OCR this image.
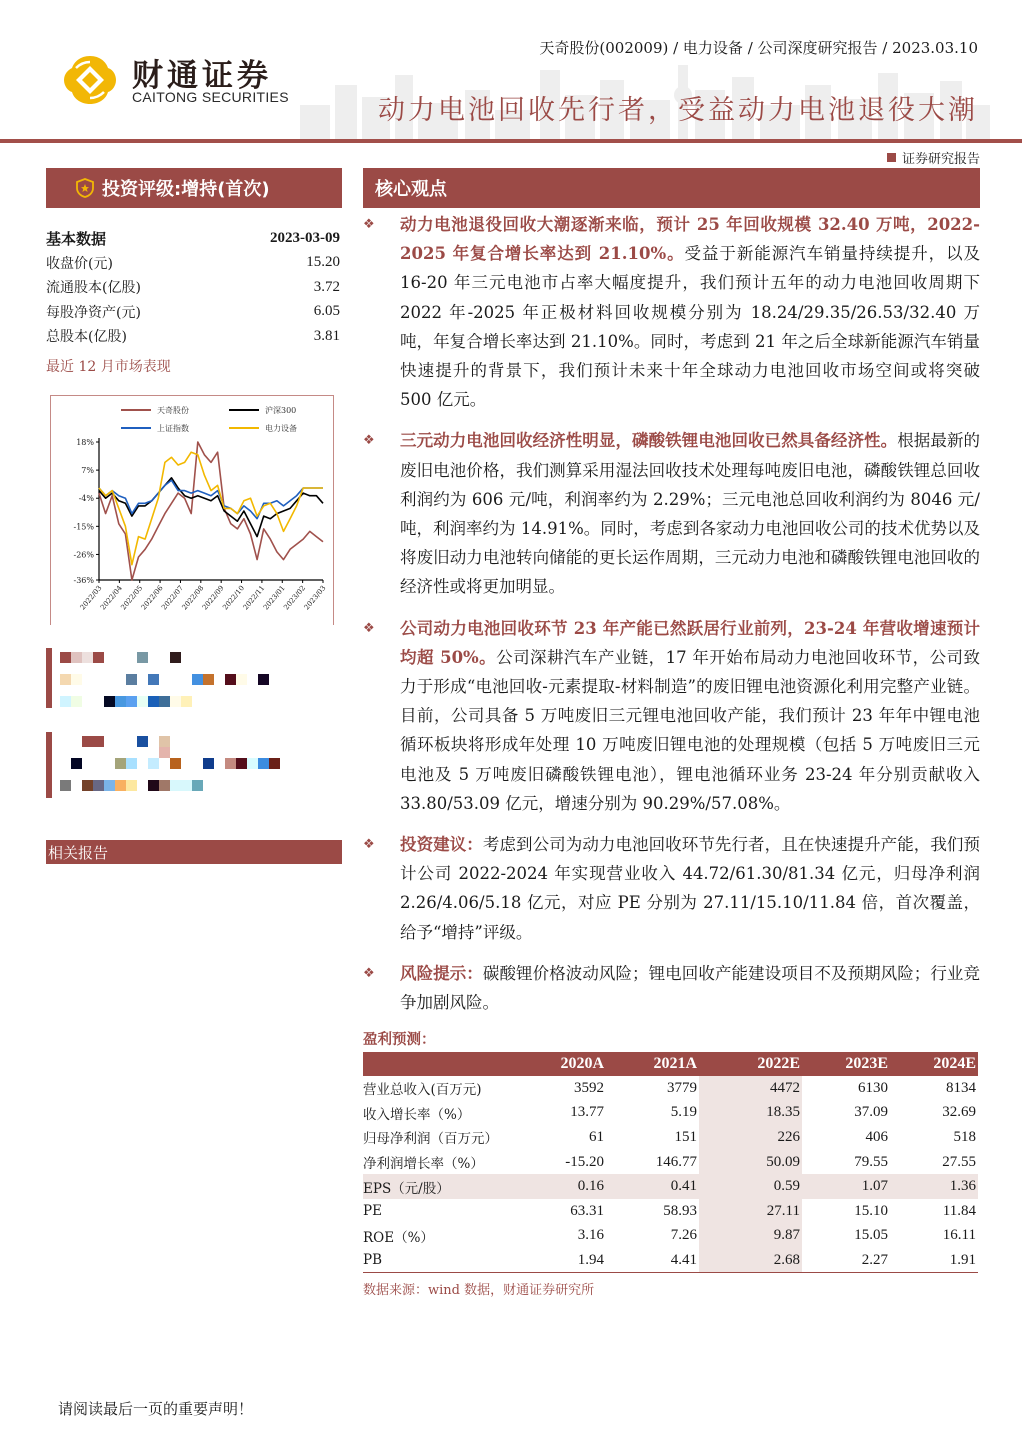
财通证券
CAITONG SECURITIES
天奇股份(002009) / 电力设备 / 公司深度研究报告 / 2023.03.10
动力电池回收先行者，受益动力电池退役大潮
证券研究报告
投资评级:增持(首次)
基本数据	2023-03-09
收盘价(元)	15.20
流通股本(亿股)	3.72
每股净资产(元)	6.05
总股本(亿股)	3.81
最近 12 月市场表现
天奇股份	沪深300
上证指数	电力设备
18%
7%
-4%
-15%
-26%
-36%
2022/03
2022/04
2022/05
2022/06
2022/07
2022/08
2022/09
2022/10
2022/11
2023/01
2023/02
2023/03
相关报告
核心观点
❖ 动力电池退役回收大潮逐渐来临，预计 25 年回收规模 32.40 万吨，2022-2025 年复合增长率达到 21.10%。受益于新能源汽车销量持续提升，以及 16-20 年三元电池市占率大幅度提升，我们预计五年的动力电池回收周期下 2022 年-2025 年正极材料回收规模分别为 18.24/29.35/26.53/32.40 万吨，年复合增长率达到 21.10%。同时，考虑到 21 年之后全球新能源汽车销量快速提升的背景下，我们预计未来十年全球动力电池回收市场空间或将突破 500 亿元。
❖ 三元动力电池回收经济性明显，磷酸铁锂电池回收已然具备经济性。根据最新的废旧电池价格，我们测算采用湿法回收技术处理每吨废旧电池，磷酸铁锂总回收利润约为 606 元/吨，利润率约为 2.29%；三元电池总回收利润约为 8046 元/吨，利润率约为 14.91%。同时，考虑到各家动力电池回收公司的技术优势以及将废旧动力电池转向储能的更长运作周期，三元动力电池和磷酸铁锂电池回收的经济性或将更加明显。
❖ 公司动力电池回收环节 23 年产能已然跃居行业前列，23-24 年营收增速预计均超 50%。公司深耕汽车产业链，17 年开始布局动力电池回收环节，公司致力于形成“电池回收-元素提取-材料制造”的废旧锂电池资源化利用完整产业链。目前，公司具备 5 万吨废旧三元锂电池回收产能，我们预计 23 年年中锂电池循环板块将形成年处理 10 万吨废旧锂电池的处理规模（包括 5 万吨废旧三元电池及 5 万吨废旧磷酸铁锂电池），锂电池循环业务 23-24 年分别贡献收入 33.80/53.09 亿元，增速分别为 90.29%/57.08%。
❖ 投资建议：考虑到公司为动力电池回收环节先行者，且在快速提升产能，我们预计公司 2022-2024 年实现营业收入 44.72/61.30/81.34 亿元，归母净利润 2.26/4.06/5.18 亿元，对应 PE 分别为 27.11/15.10/11.84 倍，首次覆盖，给予“增持”评级。
❖ 风险提示：碳酸锂价格波动风险；锂电回收产能建设项目不及预期风险；行业竞争加剧风险。
盈利预测：
	2020A	2021A	2022E	2023E	2024E
营业总收入(百万元)	3592	3779	4472	6130	8134
收入增长率（%）	13.77	5.19	18.35	37.09	32.69
归母净利润（百万元）	61	151	226	406	518
净利润增长率（%）	-15.20	146.77	50.09	79.55	27.55
EPS（元/股）	0.16	0.41	0.59	1.07	1.36
PE	63.31	58.93	27.11	15.10	11.84
ROE（%）	3.16	7.26	9.87	15.05	16.11
PB	1.94	4.41	2.68	2.27	1.91
数据来源：wind 数据，财通证券研究所
请阅读最后一页的重要声明！
